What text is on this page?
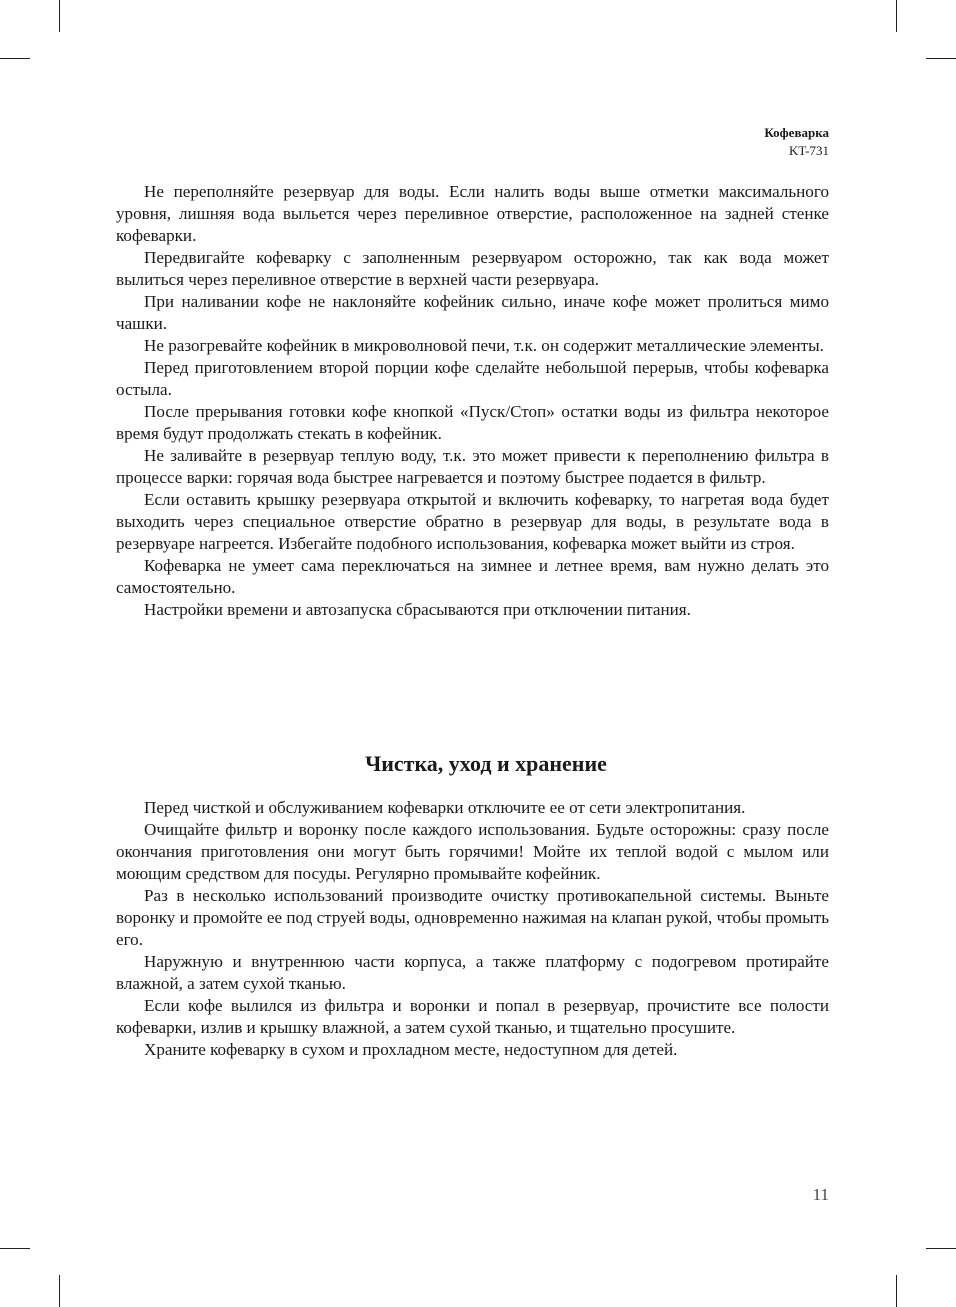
Кофеварка
KT-731

Не переполняйте резервуар для воды. Если налить воды выше отметки максимального уровня, лишняя вода выльется через переливное отверстие, расположенное на задней стенке кофеварки.

Передвигайте кофеварку с заполненным резервуаром осторожно, так как вода может вылиться через переливное отверстие в верхней части резервуара.

При наливании кофе не наклоняйте кофейник сильно, иначе кофе может пролиться мимо чашки.

Не разогревайте кофейник в микроволновой печи, т.к. он содержит металлические элементы.

Перед приготовлением второй порции кофе сделайте небольшой перерыв, чтобы кофеварка остыла.

После прерывания готовки кофе кнопкой «Пуск/Стоп» остатки воды из фильтра некоторое время будут продолжать стекать в кофейник.

Не заливайте в резервуар теплую воду, т.к. это может привести к переполнению фильтра в процессе варки: горячая вода быстрее нагревается и поэтому быстрее подается в фильтр.

Если оставить крышку резервуара открытой и включить кофеварку, то нагретая вода будет выходить через специальное отверстие обратно в резервуар для воды, в результате вода в резервуаре нагреется. Избегайте подобного использования, кофеварка может выйти из строя.

Кофеварка не умеет сама переключаться на зимнее и летнее время, вам нужно делать это самостоятельно.

Настройки времени и автозапуска сбрасываются при отключении питания.

Чистка, уход и хранение

Перед чисткой и обслуживанием кофеварки отключите ее от сети электропитания.

Очищайте фильтр и воронку после каждого использования. Будьте осторожны: сразу после окончания приготовления они могут быть горячими! Мойте их теплой водой с мылом или моющим средством для посуды. Регулярно промывайте кофейник.

Раз в несколько использований производите очистку противокапельной системы. Выньте воронку и промойте ее под струей воды, одновременно нажимая на клапан рукой, чтобы промыть его.

Наружную и внутреннюю части корпуса, а также платформу с подогревом протирайте влажной, а затем сухой тканью.

Если кофе вылился из фильтра и воронки и попал в резервуар, прочистите все полости кофеварки, излив и крышку влажной, а затем сухой тканью, и тщательно просушите.

Храните кофеварку в сухом и прохладном месте, недоступном для детей.

11
